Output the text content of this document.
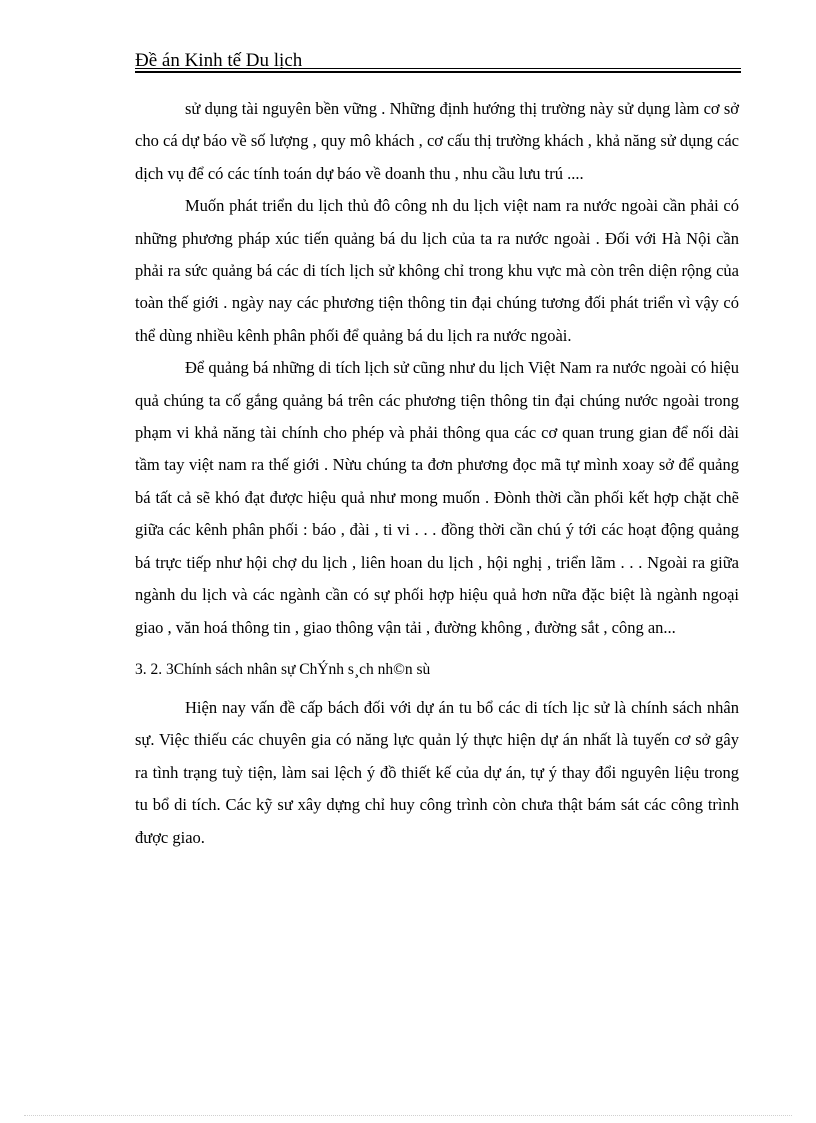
Đề án Kinh tế Du lịch

sử dụng tài nguyên bền vững . Những định hướng thị trường này sử dụng làm cơ sở cho cá dự báo về số lượng , quy mô khách , cơ cấu thị trường khách , khả năng sử dụng các dịch vụ để có các tính toán dự báo về doanh thu , nhu cầu lưu trú ....

Muốn phát triển du lịch thủ đô công nh du lịch việt nam ra nước ngoài cần phải có những phương pháp xúc tiến quảng bá du lịch của ta ra nước ngoài . Đối với Hà Nội cần phải ra sức quảng bá các di tích lịch sử không chỉ trong khu vực mà còn trên diện rộng của toàn thế giới . ngày nay các phương tiện thông tin đại chúng tương đối phát triển vì vậy có thể dùng nhiều kênh phân phối để quảng bá du lịch ra nước ngoài.

Để quảng bá những di tích lịch sử cũng như du lịch Việt Nam ra nước ngoài có hiệu quả chúng ta cố gắng quảng bá trên các phương tiện thông tin đại chúng nước ngoài trong phạm vi khả năng tài chính cho phép và phải thông qua các cơ quan trung gian để nối dài tầm tay việt nam ra thế giới . Nừu chúng ta đơn phương đọc mã tự mình xoay sở để quảng bá tất cả sẽ khó đạt được hiệu quả như mong muốn . Đònh thời cần phối kết hợp chặt chẽ giữa các kênh phân phối : báo , đài , ti vi . . . đồng thời cần chú ý tới các hoạt động quảng bá trực tiếp như hội chợ du lịch , liên hoan du lịch , hội nghị , triển lãm . . . Ngoài ra giữa ngành du lịch và các ngành cần có sự phối hợp hiệu quả hơn nữa đặc biệt là ngành ngoại giao , văn hoá thông tin , giao thông vận tải , đường không , đường sắt , công an...

3. 2. 3Chính sách nhân sự ChÝnh s¸ch nh©n sù

Hiện nay vấn đề cấp bách đối với dự án tu bổ các di tích lịc sử là chính sách nhân sự. Việc thiếu các chuyên gia có năng lực quản lý thực hiện dự án nhất là tuyến cơ sở gây ra tình trạng tuỳ tiện, làm sai lệch ý đồ thiết kế của dự án, tự ý thay đổi nguyên liệu trong tu bổ di tích. Các kỹ sư xây dựng chỉ huy công trình còn chưa thật bám sát các công trình được giao.
